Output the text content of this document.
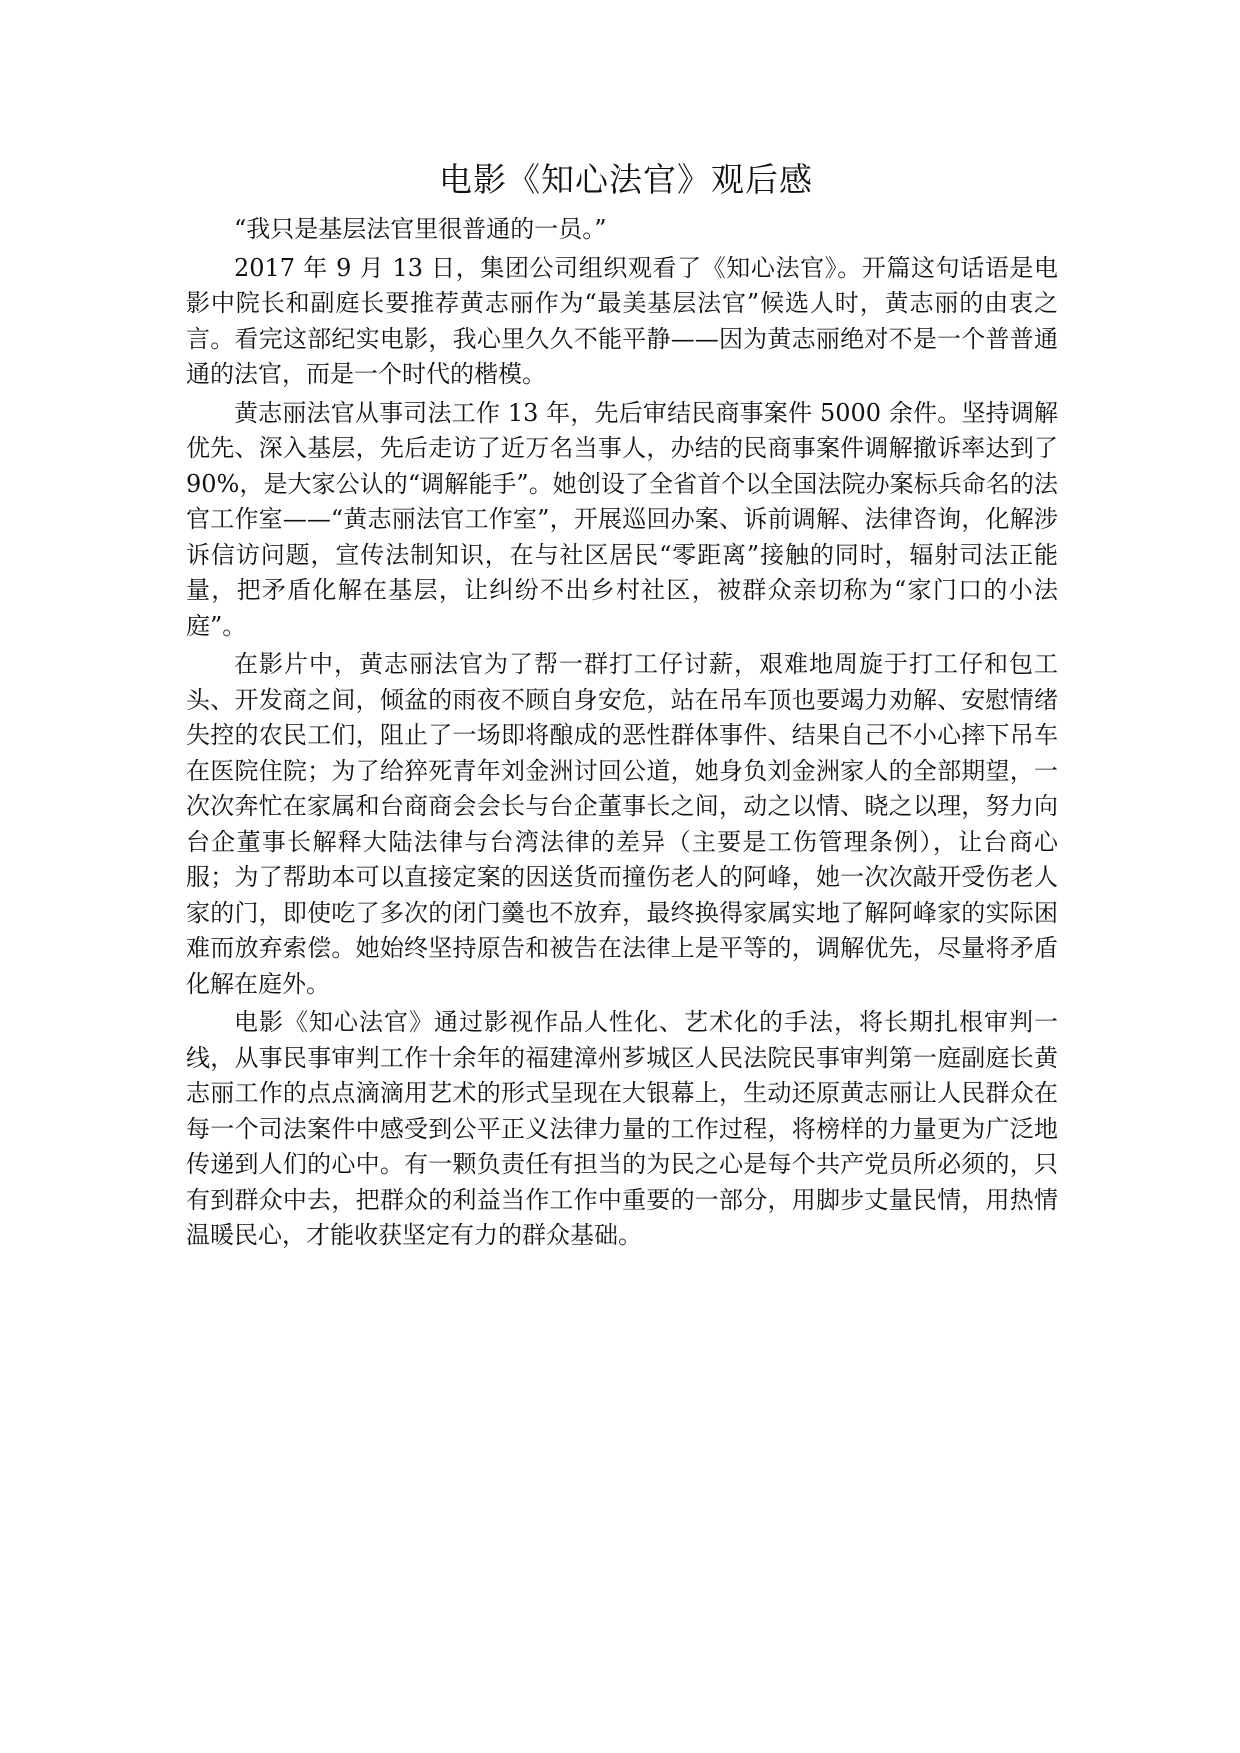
电影《知心法官》观后感

“我只是基层法官里很普通的一员。”

2017 年 9 月 13 日，集团公司组织观看了《知心法官》。开篇这句话语是电影中院长和副庭长要推荐黄志丽作为“最美基层法官”候选人时，黄志丽的由衷之言。看完这部纪实电影，我心里久久不能平静——因为黄志丽绝对不是一个普普通通的法官，而是一个时代的楷模。

黄志丽法官从事司法工作 13 年，先后审结民商事案件 5000 余件。坚持调解优先、深入基层，先后走访了近万名当事人，办结的民商事案件调解撤诉率达到了 90%，是大家公认的“调解能手”。她创设了全省首个以全国法院办案标兵命名的法官工作室——“黄志丽法官工作室”，开展巡回办案、诉前调解、法律咨询，化解涉诉信访问题，宣传法制知识，在与社区居民“零距离”接触的同时，辐射司法正能量，把矛盾化解在基层，让纠纷不出乡村社区，被群众亲切称为“家门口的小法庭”。

在影片中，黄志丽法官为了帮一群打工仔讨薪，艰难地周旋于打工仔和包工头、开发商之间，倾盆的雨夜不顾自身安危，站在吊车顶也要竭力劝解、安慰情绪失控的农民工们，阻止了一场即将酿成的恶性群体事件、结果自己不小心摔下吊车在医院住院；为了给猝死青年刘金洲讨回公道，她身负刘金洲家人的全部期望，一次次奔忙在家属和台商商会会长与台企董事长之间，动之以情、晓之以理，努力向台企董事长解释大陆法律与台湾法律的差异（主要是工伤管理条例），让台商心服；为了帮助本可以直接定案的因送货而撞伤老人的阿峰，她一次次敲开受伤老人家的门，即使吃了多次的闭门羹也不放弃，最终换得家属实地了解阿峰家的实际困难而放弃索偿。她始终坚持原告和被告在法律上是平等的，调解优先，尽量将矛盾化解在庭外。

电影《知心法官》通过影视作品人性化、艺术化的手法，将长期扎根审判一线，从事民事审判工作十余年的福建漳州芗城区人民法院民事审判第一庭副庭长黄志丽工作的点点滴滴用艺术的形式呈现在大银幕上，生动还原黄志丽让人民群众在每一个司法案件中感受到公平正义法律力量的工作过程，将榜样的力量更为广泛地传递到人们的心中。有一颗负责任有担当的为民之心是每个共产党员所必须的，只有到群众中去，把群众的利益当作工作中重要的一部分，用脚步丈量民情，用热情温暖民心，才能收获坚定有力的群众基础。
